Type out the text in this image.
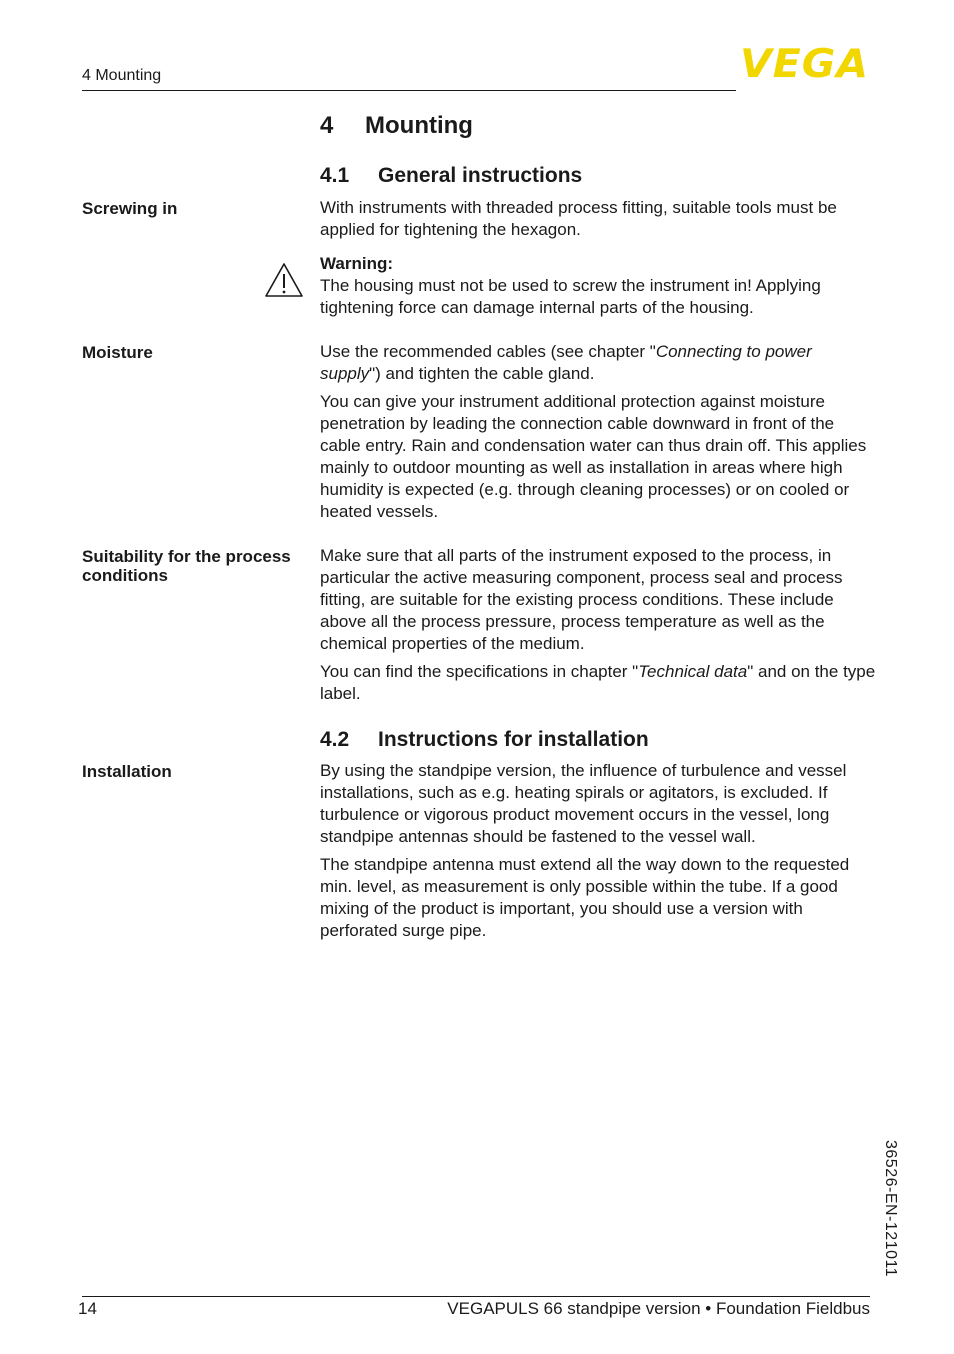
4 Mounting	VEGA
4 Mounting
4.1 General instructions
Screwing in	With instruments with threaded process fitting, suitable tools must be applied for tightening the hexagon.

Warning:

The housing must not be used to screw the instrument in! Applying tightening force can damage internal parts of the housing.

Moisture	Use the recommended cables (see chapter "Connecting to power supply") and tighten the cable gland.

You can give your instrument additional protection against moisture penetration by leading the connection cable downward in front of the cable entry. Rain and condensation water can thus drain off. This applies mainly to outdoor mounting as well as installation in areas where high humidity is expected (e.g. through cleaning processes) or on cooled or heated vessels.

Suitability for the process conditions

Make sure that all parts of the instrument exposed to the process, in particular the active measuring component, process seal and process fitting, are suitable for the existing process conditions. These include above all the process pressure, process temperature as well as the chemical properties of the medium.

You can find the specifications in chapter "Technical data" and on the type label.

4.2 Instructions for installation
Installation	By using the standpipe version, the influence of turbulence and vessel installations, such as e.g. heating spirals or agitators, is excluded. If turbulence or vigorous product movement occurs in the vessel, long standpipe antennas should be fastened to the vessel wall.

The standpipe antenna must extend all the way down to the requested min. level, as measurement is only possible within the tube. If a good mixing of the product is important, you should use a version with perforated surge pipe.

36526-EN-121011
14	VEGAPULS 66 standpipe version • Foundation Fieldbus
